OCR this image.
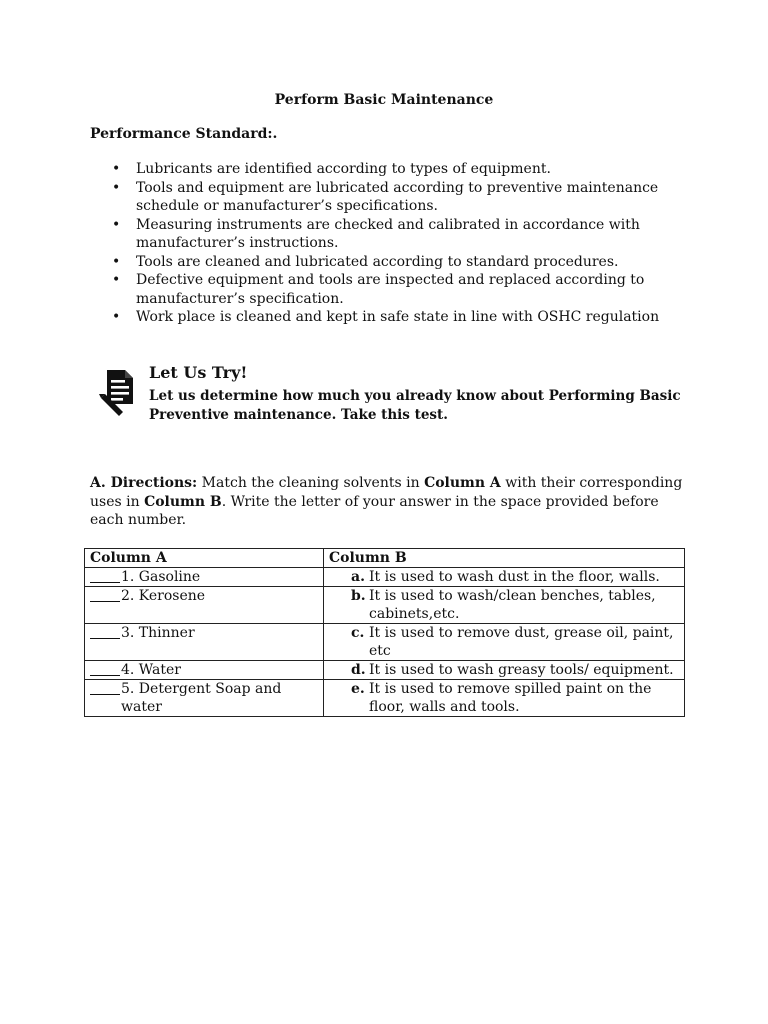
Perform Basic Maintenance
Performance Standard:.
• Lubricants are identified according to types of equipment.
• Tools and equipment are lubricated according to preventive maintenance schedule or manufacturer’s specifications.
• Measuring instruments are checked and calibrated in accordance with manufacturer’s instructions.
• Tools are cleaned and lubricated according to standard procedures.
• Defective equipment and tools are inspected and replaced according to manufacturer’s specification.
• Work place is cleaned and kept in safe state in line with OSHC regulation
Let Us Try!
Let us determine how much you already know about Performing Basic Preventive maintenance. Take this test.
A. Directions: Match the cleaning solvents in Column A with their corresponding uses in Column B. Write the letter of your answer in the space provided before each number.
Column A	Column B

1. Gasoline	a. It is used to wash dust in the floor, walls.

2. Kerosene	b. It is used to wash/clean benches, tables, cabinets,etc.

3. Thinner	c. It is used to remove dust, grease oil, paint, etc

4. Water	d. It is used to wash greasy tools/ equipment.

5. Detergent Soap and water	e. It is used to remove spilled paint on the floor, walls and tools.
